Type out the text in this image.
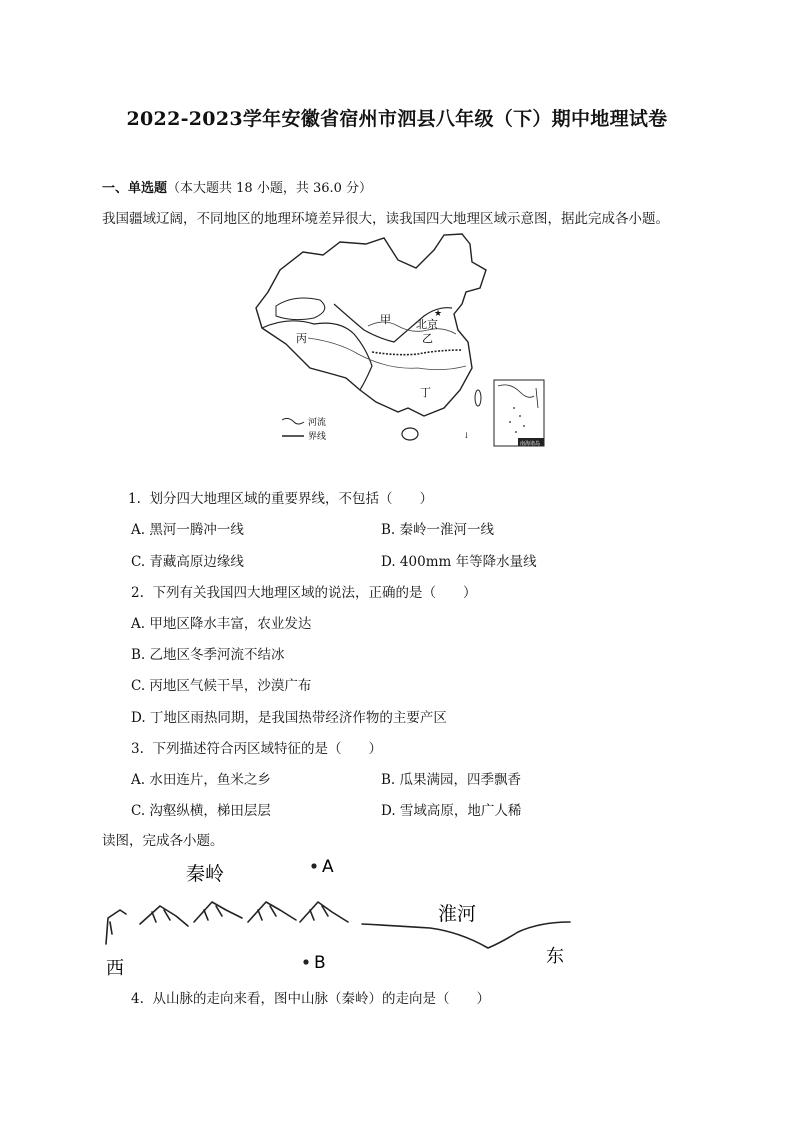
2022-2023学年安徽省宿州市泗县八年级（下）期中地理试卷
一、单选题（本大题共 18 小题，共 36.0 分）
我国疆域辽阔，不同地区的地理环境差异很大，读我国四大地理区域示意图，据此完成各小题。
★
甲 北京
乙
丙
丁
河流
界线
南海诸岛
↓
1. 划分四大地理区域的重要界线，不包括（　　）
A. 黑河一腾冲一线	B. 秦岭一淮河一线
C. 青藏高原边缘线	D. 400mm 年等降水量线
2. 下列有关我国四大地理区域的说法，正确的是（　　）
A. 甲地区降水丰富，农业发达
B. 乙地区冬季河流不结冰
C. 丙地区气候干旱，沙漠广布
D. 丁地区雨热同期，是我国热带经济作物的主要产区
3. 下列描述符合丙区域特征的是（　　）
A. 水田连片，鱼米之乡	B. 瓜果满园，四季飘香
C. 沟壑纵横，梯田层层	D. 雪域高原，地广人稀
读图，完成各小题。
秦岭	A
淮河
B
西
东
4. 从山脉的走向来看，图中山脉（秦岭）的走向是（　　）
